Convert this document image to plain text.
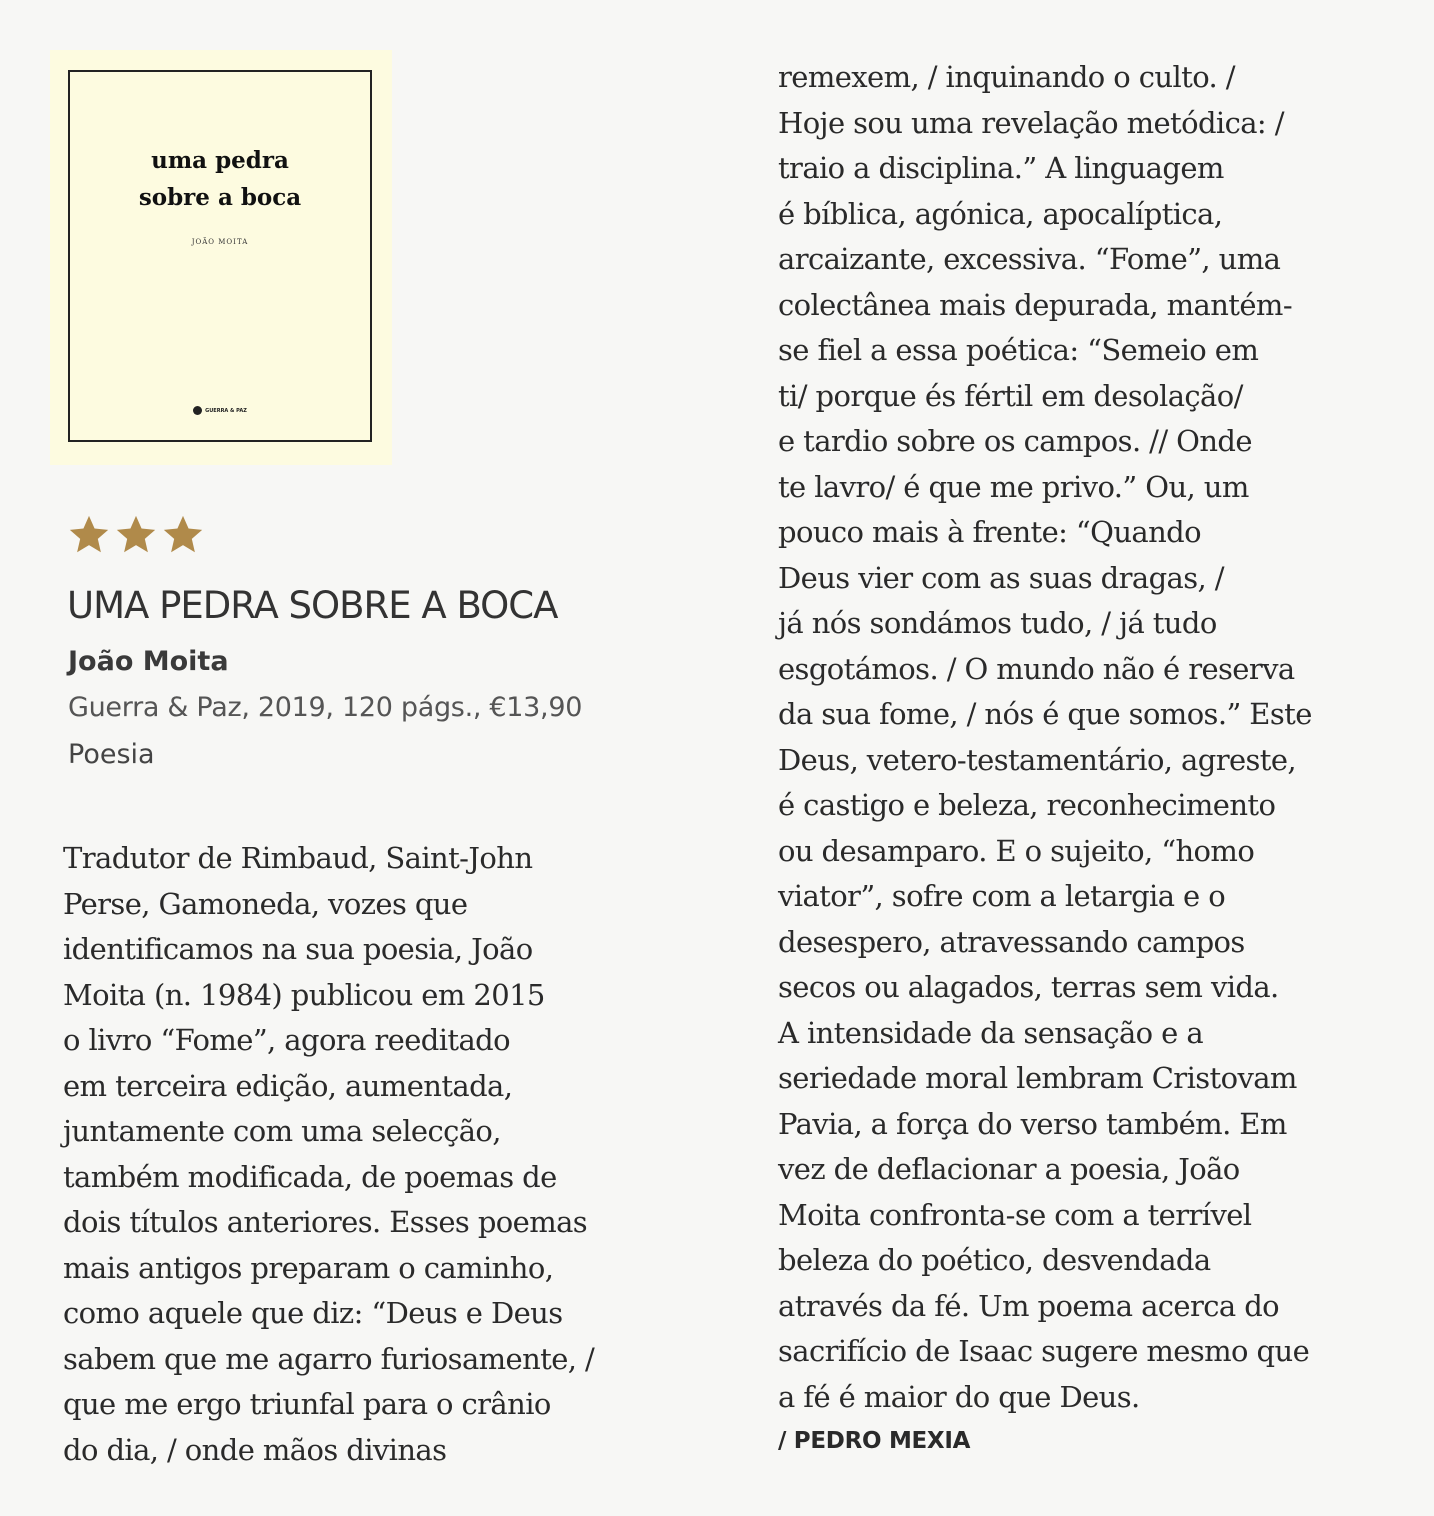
uma pedra
sobre a boca
JOÃO MOITA
GUERRA & PAZ
UMA PEDRA SOBRE A BOCA
João Moita
Guerra & Paz, 2019, 120 págs., €13,90
Poesia
Tradutor de Rimbaud, Saint-John
Perse, Gamoneda, vozes que
identificamos na sua poesia, João
Moita (n. 1984) publicou em 2015
o livro “Fome”, agora reeditado
em terceira edição, aumentada,
juntamente com uma selecção,
também modificada, de poemas de
dois títulos anteriores. Esses poemas
mais antigos preparam o caminho,
como aquele que diz: “Deus e Deus
sabem que me agarro furiosamente, /
que me ergo triunfal para o crânio
do dia, / onde mãos divinas
remexem, / inquinando o culto. /
Hoje sou uma revelação metódica: /
traio a disciplina.” A linguagem
é bíblica, agónica, apocalíptica,
arcaizante, excessiva. “Fome”, uma
colectânea mais depurada, mantém-
se fiel a essa poética: “Semeio em
ti/ porque és fértil em desolação/
e tardio sobre os campos. // Onde
te lavro/ é que me privo.” Ou, um
pouco mais à frente: “Quando
Deus vier com as suas dragas, /
já nós sondámos tudo, / já tudo
esgotámos. / O mundo não é reserva
da sua fome, / nós é que somos.” Este
Deus, vetero-testamentário, agreste,
é castigo e beleza, reconhecimento
ou desamparo. E o sujeito, “homo
viator”, sofre com a letargia e o
desespero, atravessando campos
secos ou alagados, terras sem vida.
A intensidade da sensação e a
seriedade moral lembram Cristovam
Pavia, a força do verso também. Em
vez de deflacionar a poesia, João
Moita confronta-se com a terrível
beleza do poético, desvendada
através da fé. Um poema acerca do
sacrifício de Isaac sugere mesmo que
a fé é maior do que Deus.
/ PEDRO MEXIA
